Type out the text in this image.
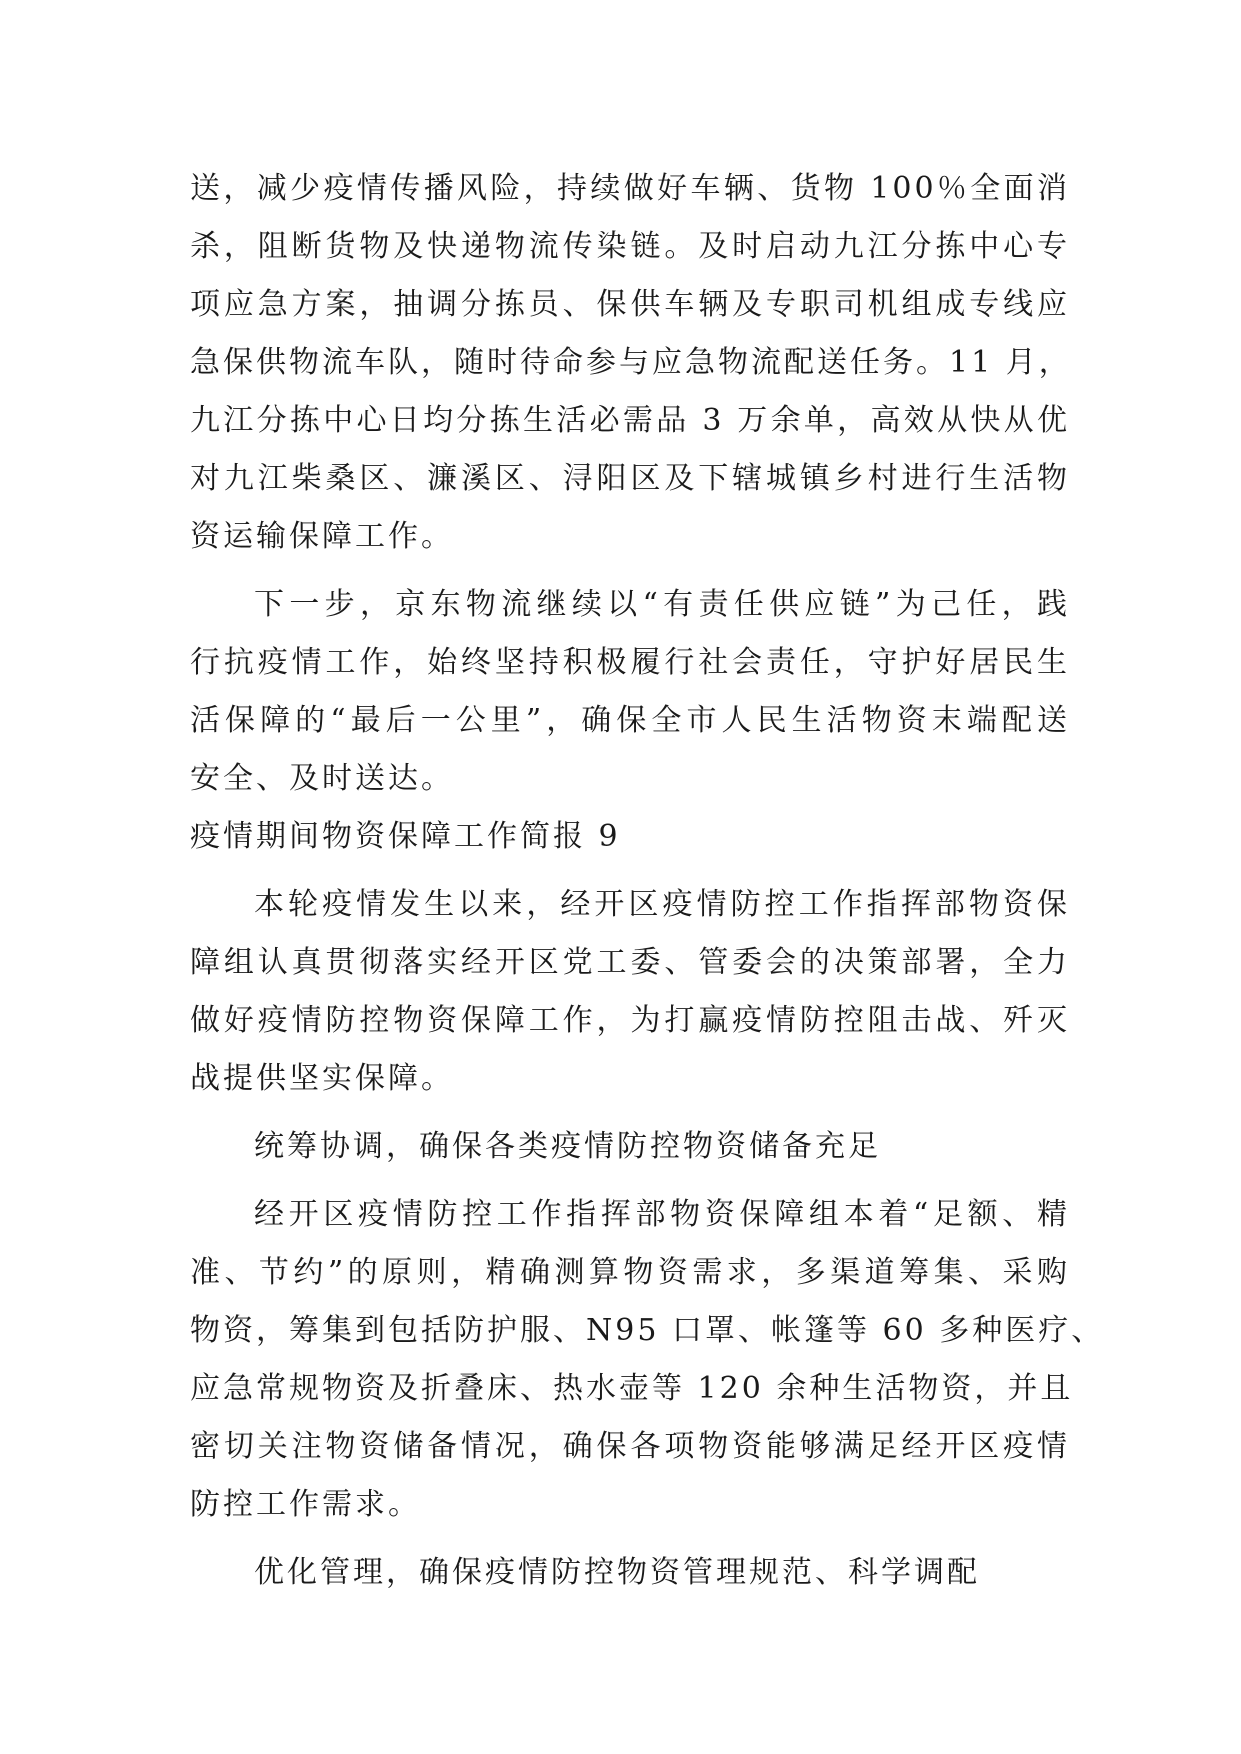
送，减少疫情传播风险，持续做好车辆、货物 100％全面消
杀，阻断货物及快递物流传染链。及时启动九江分拣中心专
项应急方案，抽调分拣员、保供车辆及专职司机组成专线应
急保供物流车队，随时待命参与应急物流配送任务。11 月，
九江分拣中心日均分拣生活必需品 3 万余单，高效从快从优
对九江柴桑区、濂溪区、浔阳区及下辖城镇乡村进行生活物
资运输保障工作。
下一步，京东物流继续以“有责任供应链”为己任，践
行抗疫情工作，始终坚持积极履行社会责任，守护好居民生
活保障的“最后一公里”，确保全市人民生活物资末端配送
安全、及时送达。
疫情期间物资保障工作简报 9
本轮疫情发生以来，经开区疫情防控工作指挥部物资保
障组认真贯彻落实经开区党工委、管委会的决策部署，全力
做好疫情防控物资保障工作，为打赢疫情防控阻击战、歼灭
战提供坚实保障。
统筹协调，确保各类疫情防控物资储备充足
经开区疫情防控工作指挥部物资保障组本着“足额、精
准、节约”的原则，精确测算物资需求，多渠道筹集、采购
物资，筹集到包括防护服、N95 口罩、帐篷等 60 多种医疗、
应急常规物资及折叠床、热水壶等 120 余种生活物资，并且
密切关注物资储备情况，确保各项物资能够满足经开区疫情
防控工作需求。
优化管理，确保疫情防控物资管理规范、科学调配
